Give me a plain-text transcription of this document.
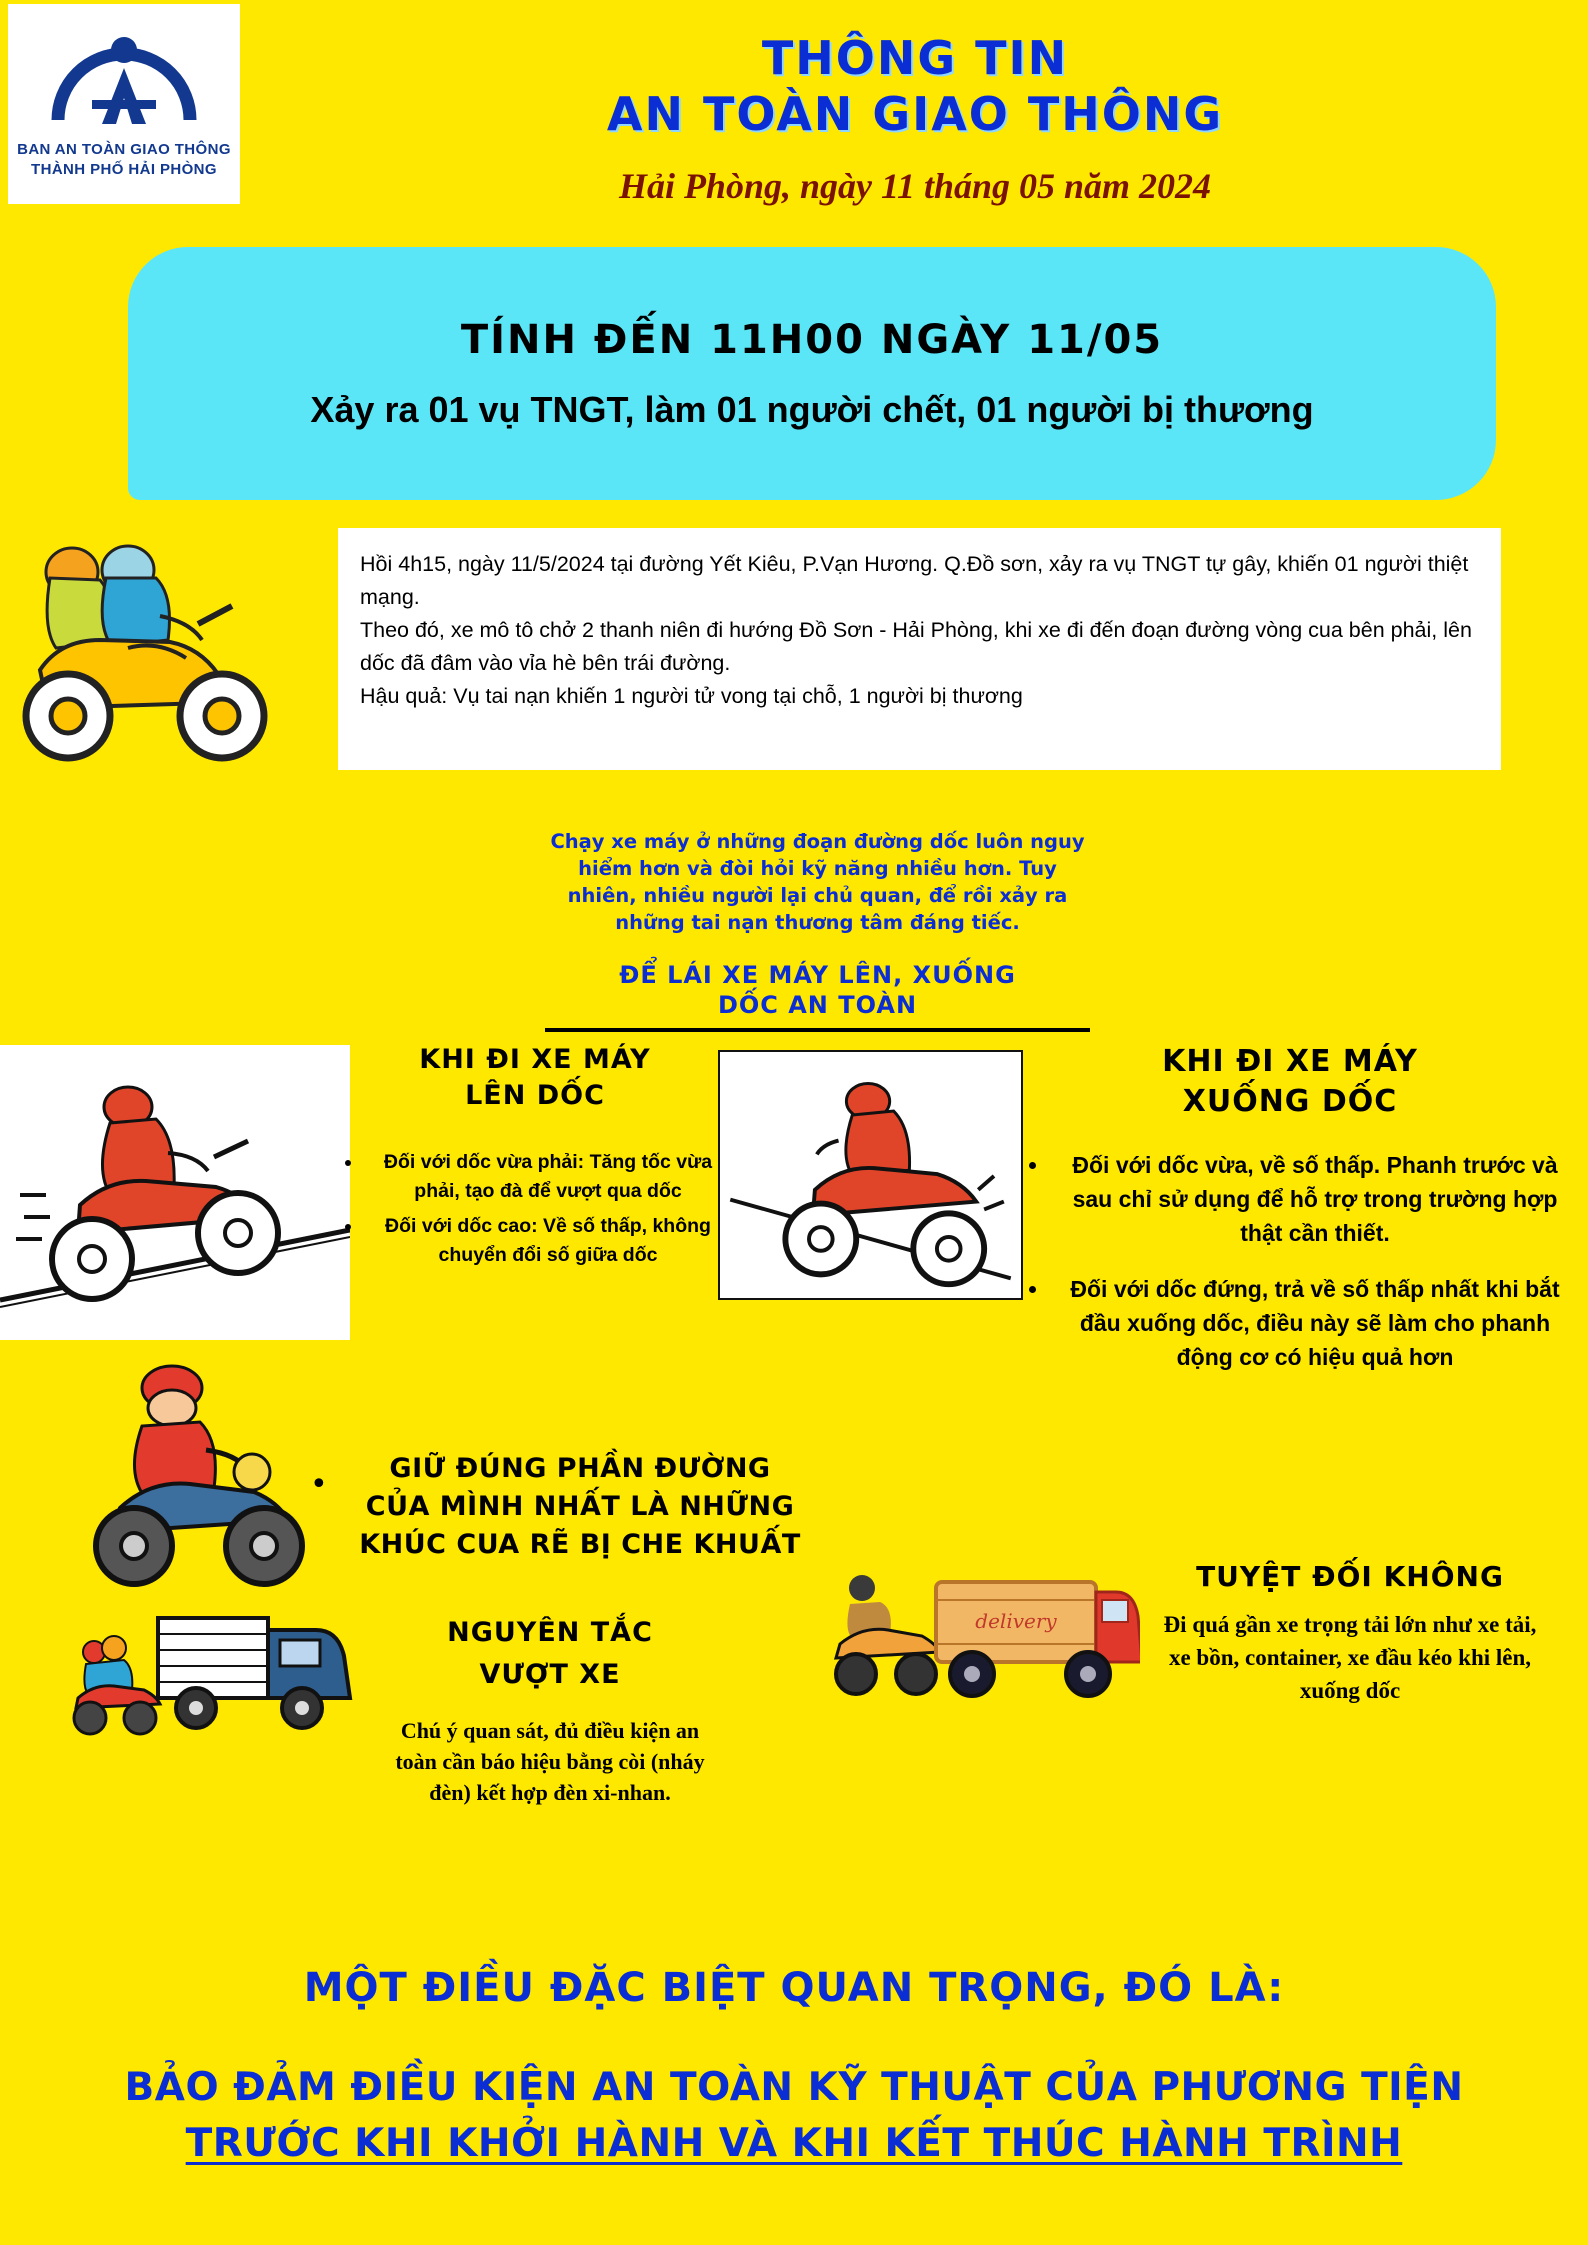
BAN AN TOÀN GIAO THÔNG
THÀNH PHỐ HẢI PHÒNG
THÔNG TIN
AN TOÀN GIAO THÔNG
Hải Phòng, ngày 11 tháng 05 năm 2024
TÍNH ĐẾN 11H00 NGÀY 11/05
Xảy ra 01 vụ TNGT, làm 01 người chết, 01 người bị thương
Hồi 4h15, ngày 11/5/2024 tại đường Yết Kiêu, P.Vạn Hương. Q.Đồ sơn, xảy ra vụ TNGT tự gây, khiến 01 người thiệt mạng.
Theo đó, xe mô tô chở 2 thanh niên đi hướng Đồ Sơn - Hải Phòng, khi xe đi đến đoạn đường vòng cua bên phải, lên dốc đã đâm vào vỉa hè bên trái đường.
Hậu quả: Vụ tai nạn khiến 1 người tử vong tại chỗ, 1 người bị thương
Chạy xe máy ở những đoạn đường dốc luôn nguy hiểm hơn và đòi hỏi kỹ năng nhiều hơn. Tuy nhiên, nhiều người lại chủ quan, để rồi xảy ra những tai nạn thương tâm đáng tiếc.
ĐỂ LÁI XE MÁY LÊN, XUỐNG
DỐC AN TOÀN
KHI ĐI XE MÁY
LÊN DỐC
• Đối với dốc vừa phải: Tăng tốc vừa phải, tạo đà để vượt qua dốc
• Đối với dốc cao: Về số thấp, không chuyển đổi số giữa dốc
KHI ĐI XE MÁY
XUỐNG DỐC
• Đối với dốc vừa, về số thấp. Phanh trước và sau chỉ sử dụng để hỗ trợ trong trường hợp thật cần thiết.
• Đối với dốc đứng, trả về số thấp nhất khi bắt đầu xuống dốc, điều này sẽ làm cho phanh động cơ có hiệu quả hơn
•	GIỮ ĐÚNG PHẦN ĐƯỜNG
CỦA MÌNH NHẤT LÀ NHỮNG
KHÚC CUA RẼ BỊ CHE KHUẤT
NGUYÊN TẮC
VƯỢT XE
Chú ý quan sát, đủ điều kiện an toàn cần báo hiệu bằng còi (nháy đèn) kết hợp đèn xi-nhan.
delivery
TUYỆT ĐỐI KHÔNG
Đi quá gần xe trọng tải lớn như xe tải, xe bồn, container, xe đầu kéo khi lên, xuống dốc
MỘT ĐIỀU ĐẶC BIỆT QUAN TRỌNG, ĐÓ LÀ:
BẢO ĐẢM ĐIỀU KIỆN AN TOÀN KỸ THUẬT CỦA PHƯƠNG TIỆN
TRƯỚC KHI KHỞI HÀNH VÀ KHI KẾT THÚC HÀNH TRÌNH
